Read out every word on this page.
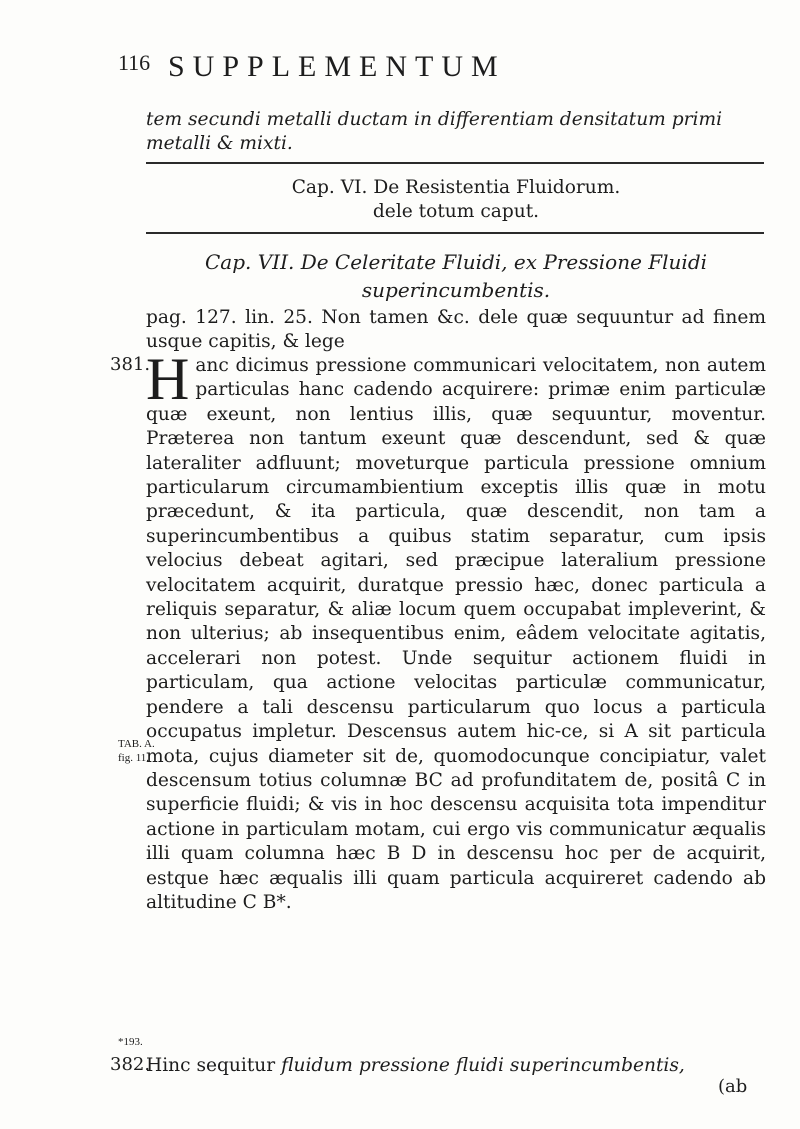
116 SUPPLEMENTUM
tem secundi metalli ductam in differentiam densitatum primi metalli & mixti.
Cap. VI. De Resistentia Fluidorum.
dele totum caput.
Cap. VII. De Celeritate Fluidi, ex Pressione Fluidi superincumbentis.
pag. 127. lin. 25. Non tamen &c. dele quæ sequuntur ad finem usque capitis, & lege
381.
Hanc dicimus pressione communicari velocitatem, non autem particulas hanc cadendo acquirere: primæ enim particulæ quæ exeunt, non lentius illis, quæ sequuntur, moventur. Præterea non tantum exeunt quæ descendunt, sed & quæ lateraliter adfluunt; moveturque particula pressione omnium particularum circumambientium exceptis illis quæ in motu præcedunt, & ita particula, quæ descendit, non tam a superincumbentibus a quibus statim separatur, cum ipsis velocius debeat agitari, sed præcipue lateralium pressione velocitatem acquirit, duratque pressio hæc, donec particula a reliquis separatur, & aliæ locum quem occupabat impleverint, & non ulterius; ab insequentibus enim, eâdem velocitate agitatis, accelerari non potest. Unde sequitur actionem fluidi in particulam, qua actione velocitas particulæ communicatur, pendere a tali descensu particularum quo locus a particula occupatus impletur. Descensus autem hic-ce, si A sit particula mota, cujus diameter sit de, quomodocunque concipiatur, valet descensum totius columnæ BC ad profunditatem de, positâ C in superficie fluidi; & vis in hoc descensu acquisita tota impenditur actione in particulam motam, cui ergo vis communicatur æqualis illi quam columna hæc B D in descensu hoc per de acquirit, estque hæc æqualis illi quam particula acquireret cadendo ab altitudine C B*.
TAB. A.
fig. 11.
*193.
382.
Hinc sequitur fluidum pressione fluidi superincumbentis,
(ab
